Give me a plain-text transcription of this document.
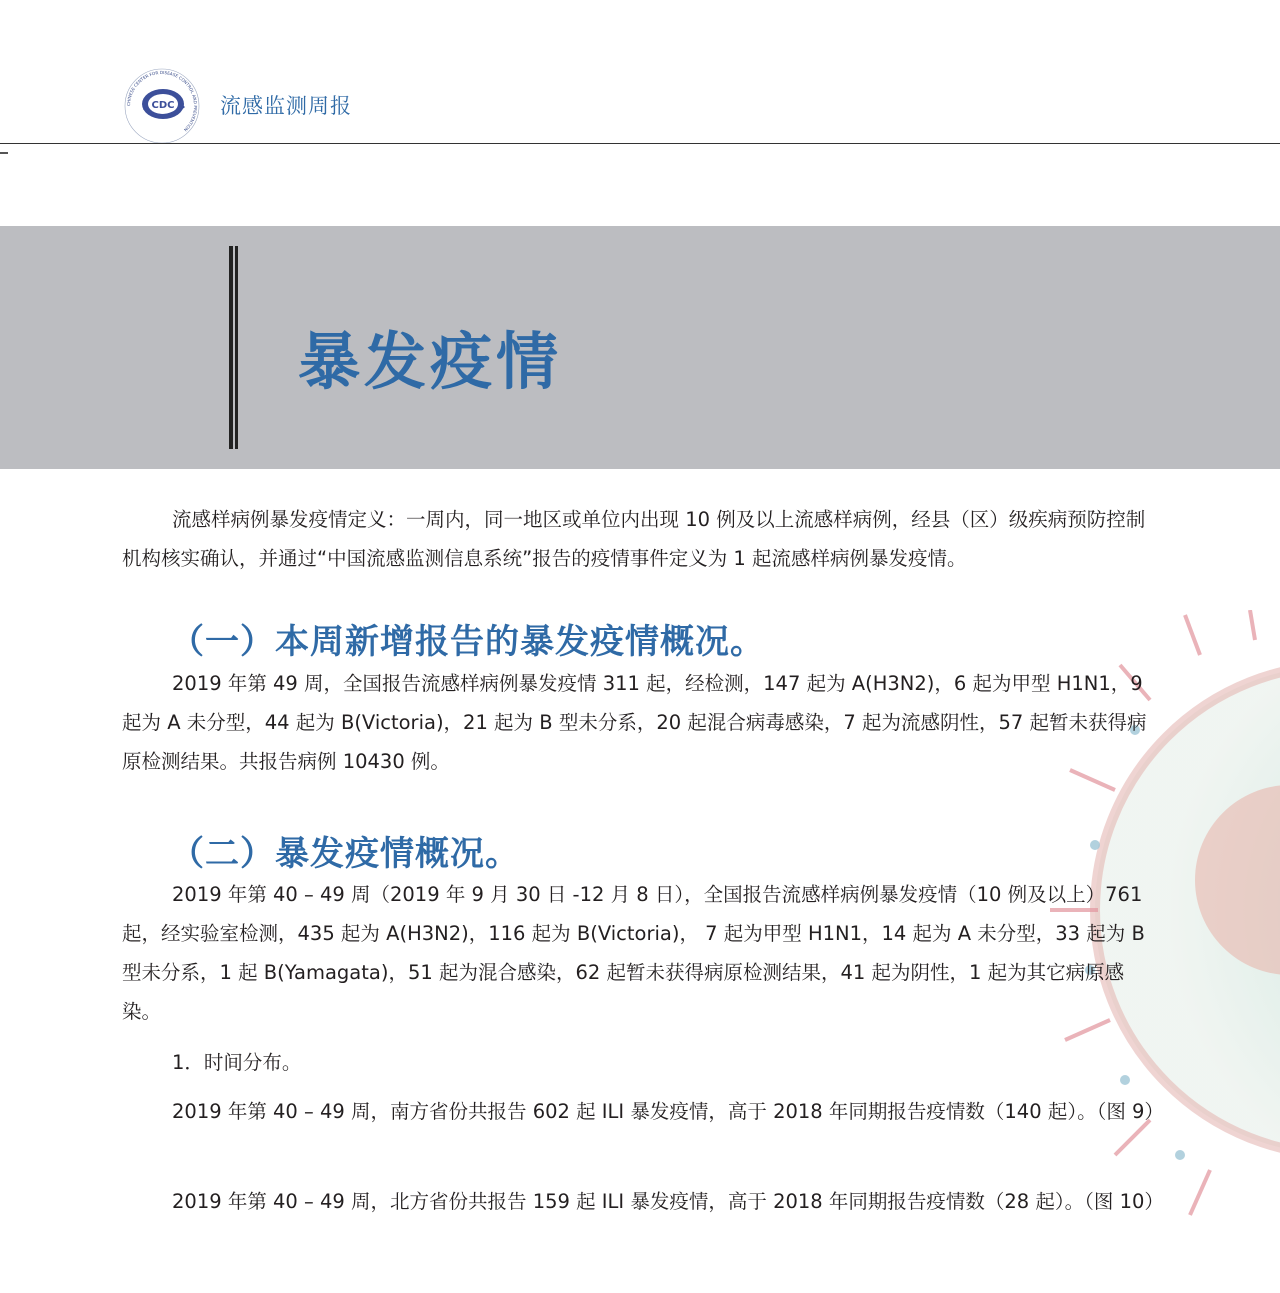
CHINESE CENTER FOR DISEASE CONTROL AND PREVENTION
CDC 流感监测周报
暴发疫情

流感样病例暴发疫情定义：一周内，同一地区或单位内出现 10 例及以上流感样病例，经县（区）级疾病预防控制机构核实确认，并通过“中国流感监测信息系统”报告的疫情事件定义为 1 起流感样病例暴发疫情。

（一）本周新增报告的暴发疫情概况。

2019 年第 49 周，全国报告流感样病例暴发疫情 311 起，经检测，147 起为 A(H3N2)，6 起为甲型 H1N1，9 起为 A 未分型，44 起为 B(Victoria)，21 起为 B 型未分系，20 起混合病毒感染，7 起为流感阴性，57 起暂未获得病原检测结果。共报告病例 10430 例。

（二）暴发疫情概况。

2019 年第 40 – 49 周（2019 年 9 月 30 日 -12 月 8 日），全国报告流感样病例暴发疫情（10 例及以上）761 起，经实验室检测，435 起为 A(H3N2)，116 起为 B(Victoria)， 7 起为甲型 H1N1，14 起为 A 未分型，33 起为 B 型未分系，1 起 B(Yamagata)，51 起为混合感染，62 起暂未获得病原检测结果，41 起为阴性，1 起为其它病原感染。

1．时间分布。

2019 年第 40 – 49 周，南方省份共报告 602 起 ILI 暴发疫情，高于 2018 年同期报告疫情数（140 起）。（图 9）

2019 年第 40 – 49 周，北方省份共报告 159 起 ILI 暴发疫情，高于 2018 年同期报告疫情数（28 起）。（图 10）
